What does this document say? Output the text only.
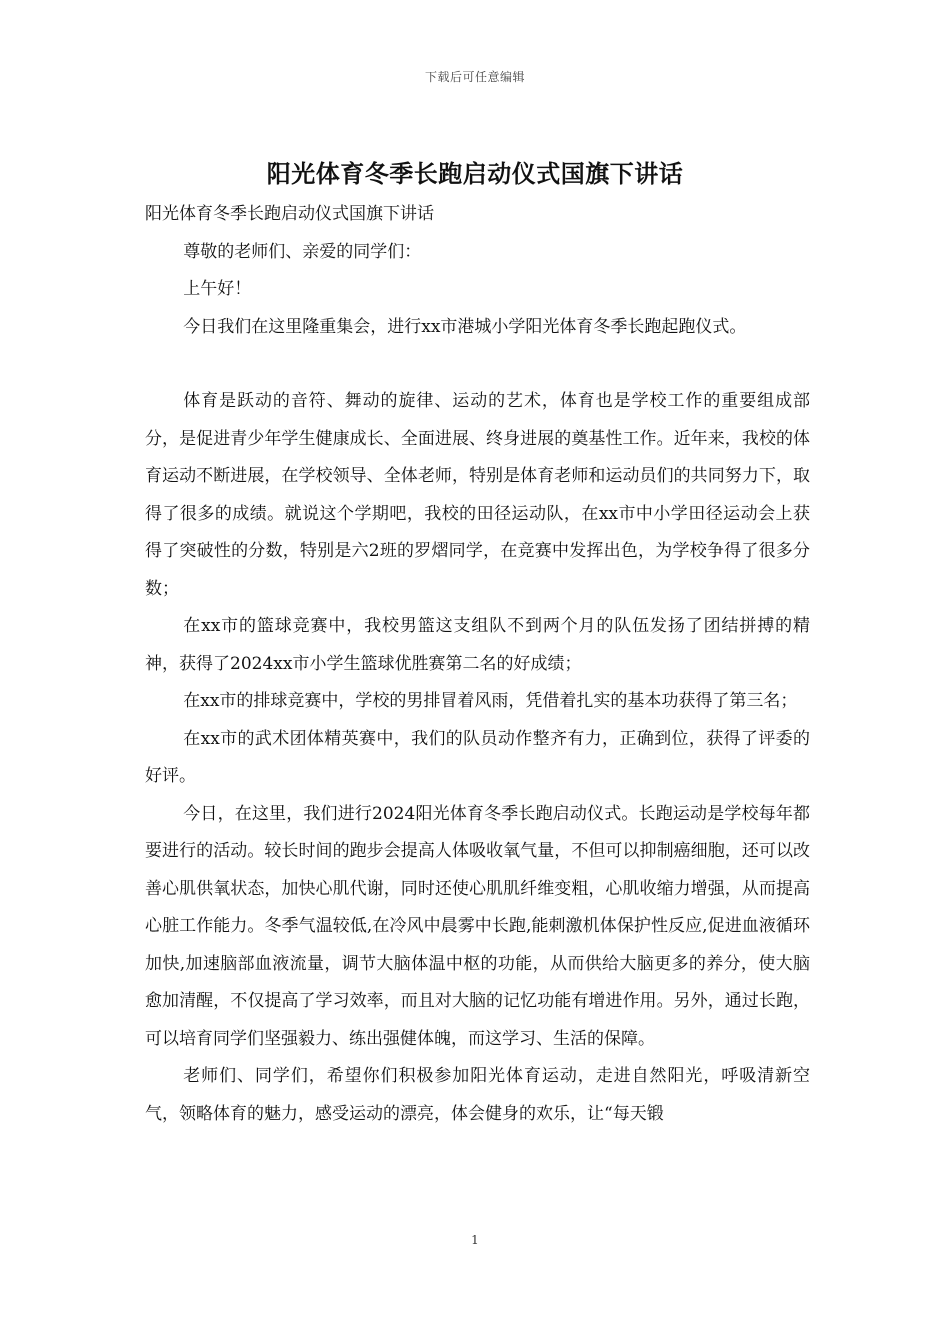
下载后可任意编辑
阳光体育冬季长跑启动仪式国旗下讲话

阳光体育冬季长跑启动仪式国旗下讲话

尊敬的老师们、亲爱的同学们：

上午好！

今日我们在这里隆重集会，进行xx市港城小学阳光体育冬季长跑起跑仪式。

体育是跃动的音符、舞动的旋律、运动的艺术，体育也是学校工作的重要组成部分，是促进青少年学生健康成长、全面进展、终身进展的奠基性工作。近年来，我校的体育运动不断进展，在学校领导、全体老师，特别是体育老师和运动员们的共同努力下，取得了很多的成绩。就说这个学期吧，我校的田径运动队，在xx市中小学田径运动会上获得了突破性的分数，特别是六2班的罗熠同学，在竞赛中发挥出色，为学校争得了很多分数；

在xx市的篮球竞赛中，我校男篮这支组队不到两个月的队伍发扬了团结拼搏的精神，获得了2024xx市小学生篮球优胜赛第二名的好成绩；

在xx市的排球竞赛中，学校的男排冒着风雨，凭借着扎实的基本功获得了第三名；

在xx市的武术团体精英赛中，我们的队员动作整齐有力，正确到位，获得了评委的好评。

今日，在这里，我们进行2024阳光体育冬季长跑启动仪式。长跑运动是学校每年都要进行的活动。较长时间的跑步会提高人体吸收氧气量，不但可以抑制癌细胞，还可以改善心肌供氧状态，加快心肌代谢，同时还使心肌肌纤维变粗，心肌收缩力增强，从而提高心脏工作能力。冬季气温较低,在冷风中晨雾中长跑,能刺激机体保护性反应,促进血液循环加快,加速脑部血液流量，调节大脑体温中枢的功能，从而供给大脑更多的养分，使大脑愈加清醒，不仅提高了学习效率，而且对大脑的记忆功能有增进作用。另外，通过长跑，可以培育同学们坚强毅力、练出强健体魄，而这学习、生活的保障。

老师们、同学们，希望你们积极参加阳光体育运动，走进自然阳光，呼吸清新空气，领略体育的魅力，感受运动的漂亮，体会健身的欢乐，让“每天锻

1
